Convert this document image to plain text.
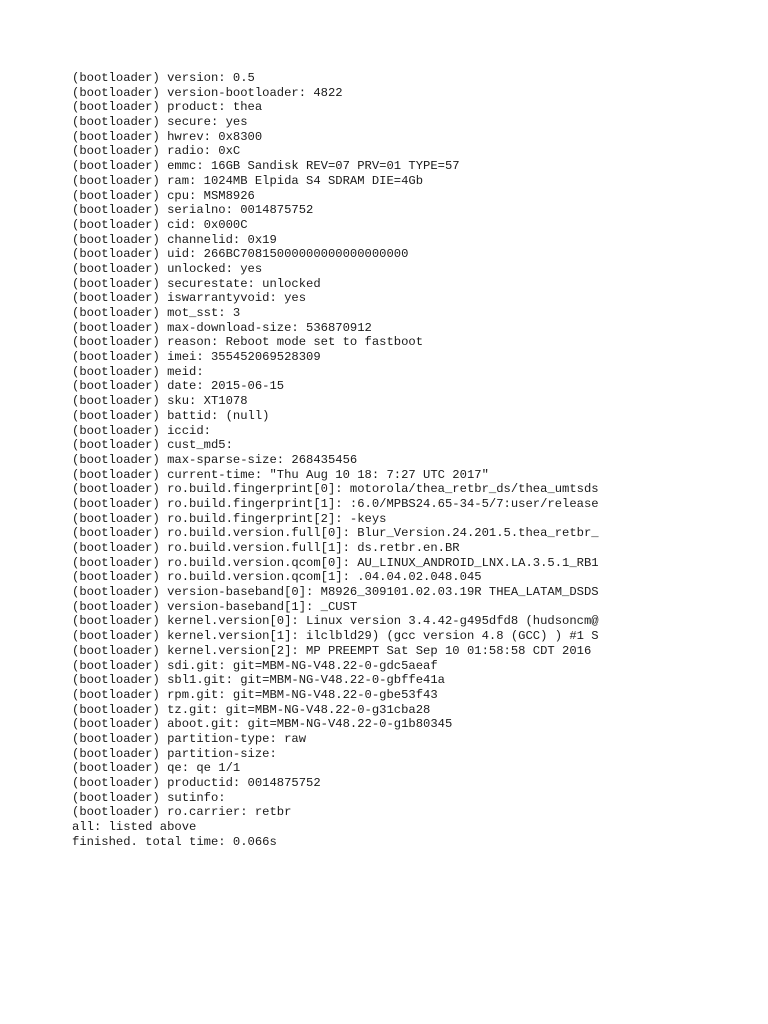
(bootloader) version: 0.5
(bootloader) version-bootloader: 4822
(bootloader) product: thea
(bootloader) secure: yes
(bootloader) hwrev: 0x8300
(bootloader) radio: 0xC
(bootloader) emmc: 16GB Sandisk REV=07 PRV=01 TYPE=57
(bootloader) ram: 1024MB Elpida S4 SDRAM DIE=4Gb
(bootloader) cpu: MSM8926
(bootloader) serialno: 0014875752
(bootloader) cid: 0x000C
(bootloader) channelid: 0x19
(bootloader) uid: 266BC70815000000000000000000
(bootloader) unlocked: yes
(bootloader) securestate: unlocked
(bootloader) iswarrantyvoid: yes
(bootloader) mot_sst: 3
(bootloader) max-download-size: 536870912
(bootloader) reason: Reboot mode set to fastboot
(bootloader) imei: 355452069528309
(bootloader) meid:
(bootloader) date: 2015-06-15
(bootloader) sku: XT1078
(bootloader) battid: (null)
(bootloader) iccid:
(bootloader) cust_md5:
(bootloader) max-sparse-size: 268435456
(bootloader) current-time: "Thu Aug 10 18: 7:27 UTC 2017"
(bootloader) ro.build.fingerprint[0]: motorola/thea_retbr_ds/thea_umtsds
(bootloader) ro.build.fingerprint[1]: :6.0/MPBS24.65-34-5/7:user/release
(bootloader) ro.build.fingerprint[2]: -keys
(bootloader) ro.build.version.full[0]: Blur_Version.24.201.5.thea_retbr_
(bootloader) ro.build.version.full[1]: ds.retbr.en.BR
(bootloader) ro.build.version.qcom[0]: AU_LINUX_ANDROID_LNX.LA.3.5.1_RB1
(bootloader) ro.build.version.qcom[1]: .04.04.02.048.045
(bootloader) version-baseband[0]: M8926_309101.02.03.19R THEA_LATAM_DSDS
(bootloader) version-baseband[1]: _CUST
(bootloader) kernel.version[0]: Linux version 3.4.42-g495dfd8 (hudsoncm@
(bootloader) kernel.version[1]: ilclbld29) (gcc version 4.8 (GCC) ) #1 S
(bootloader) kernel.version[2]: MP PREEMPT Sat Sep 10 01:58:58 CDT 2016
(bootloader) sdi.git: git=MBM-NG-V48.22-0-gdc5aeaf
(bootloader) sbl1.git: git=MBM-NG-V48.22-0-gbffe41a
(bootloader) rpm.git: git=MBM-NG-V48.22-0-gbe53f43
(bootloader) tz.git: git=MBM-NG-V48.22-0-g31cba28
(bootloader) aboot.git: git=MBM-NG-V48.22-0-g1b80345
(bootloader) partition-type: raw
(bootloader) partition-size:
(bootloader) qe: qe 1/1
(bootloader) productid: 0014875752
(bootloader) sutinfo:
(bootloader) ro.carrier: retbr
all: listed above
finished. total time: 0.066s
